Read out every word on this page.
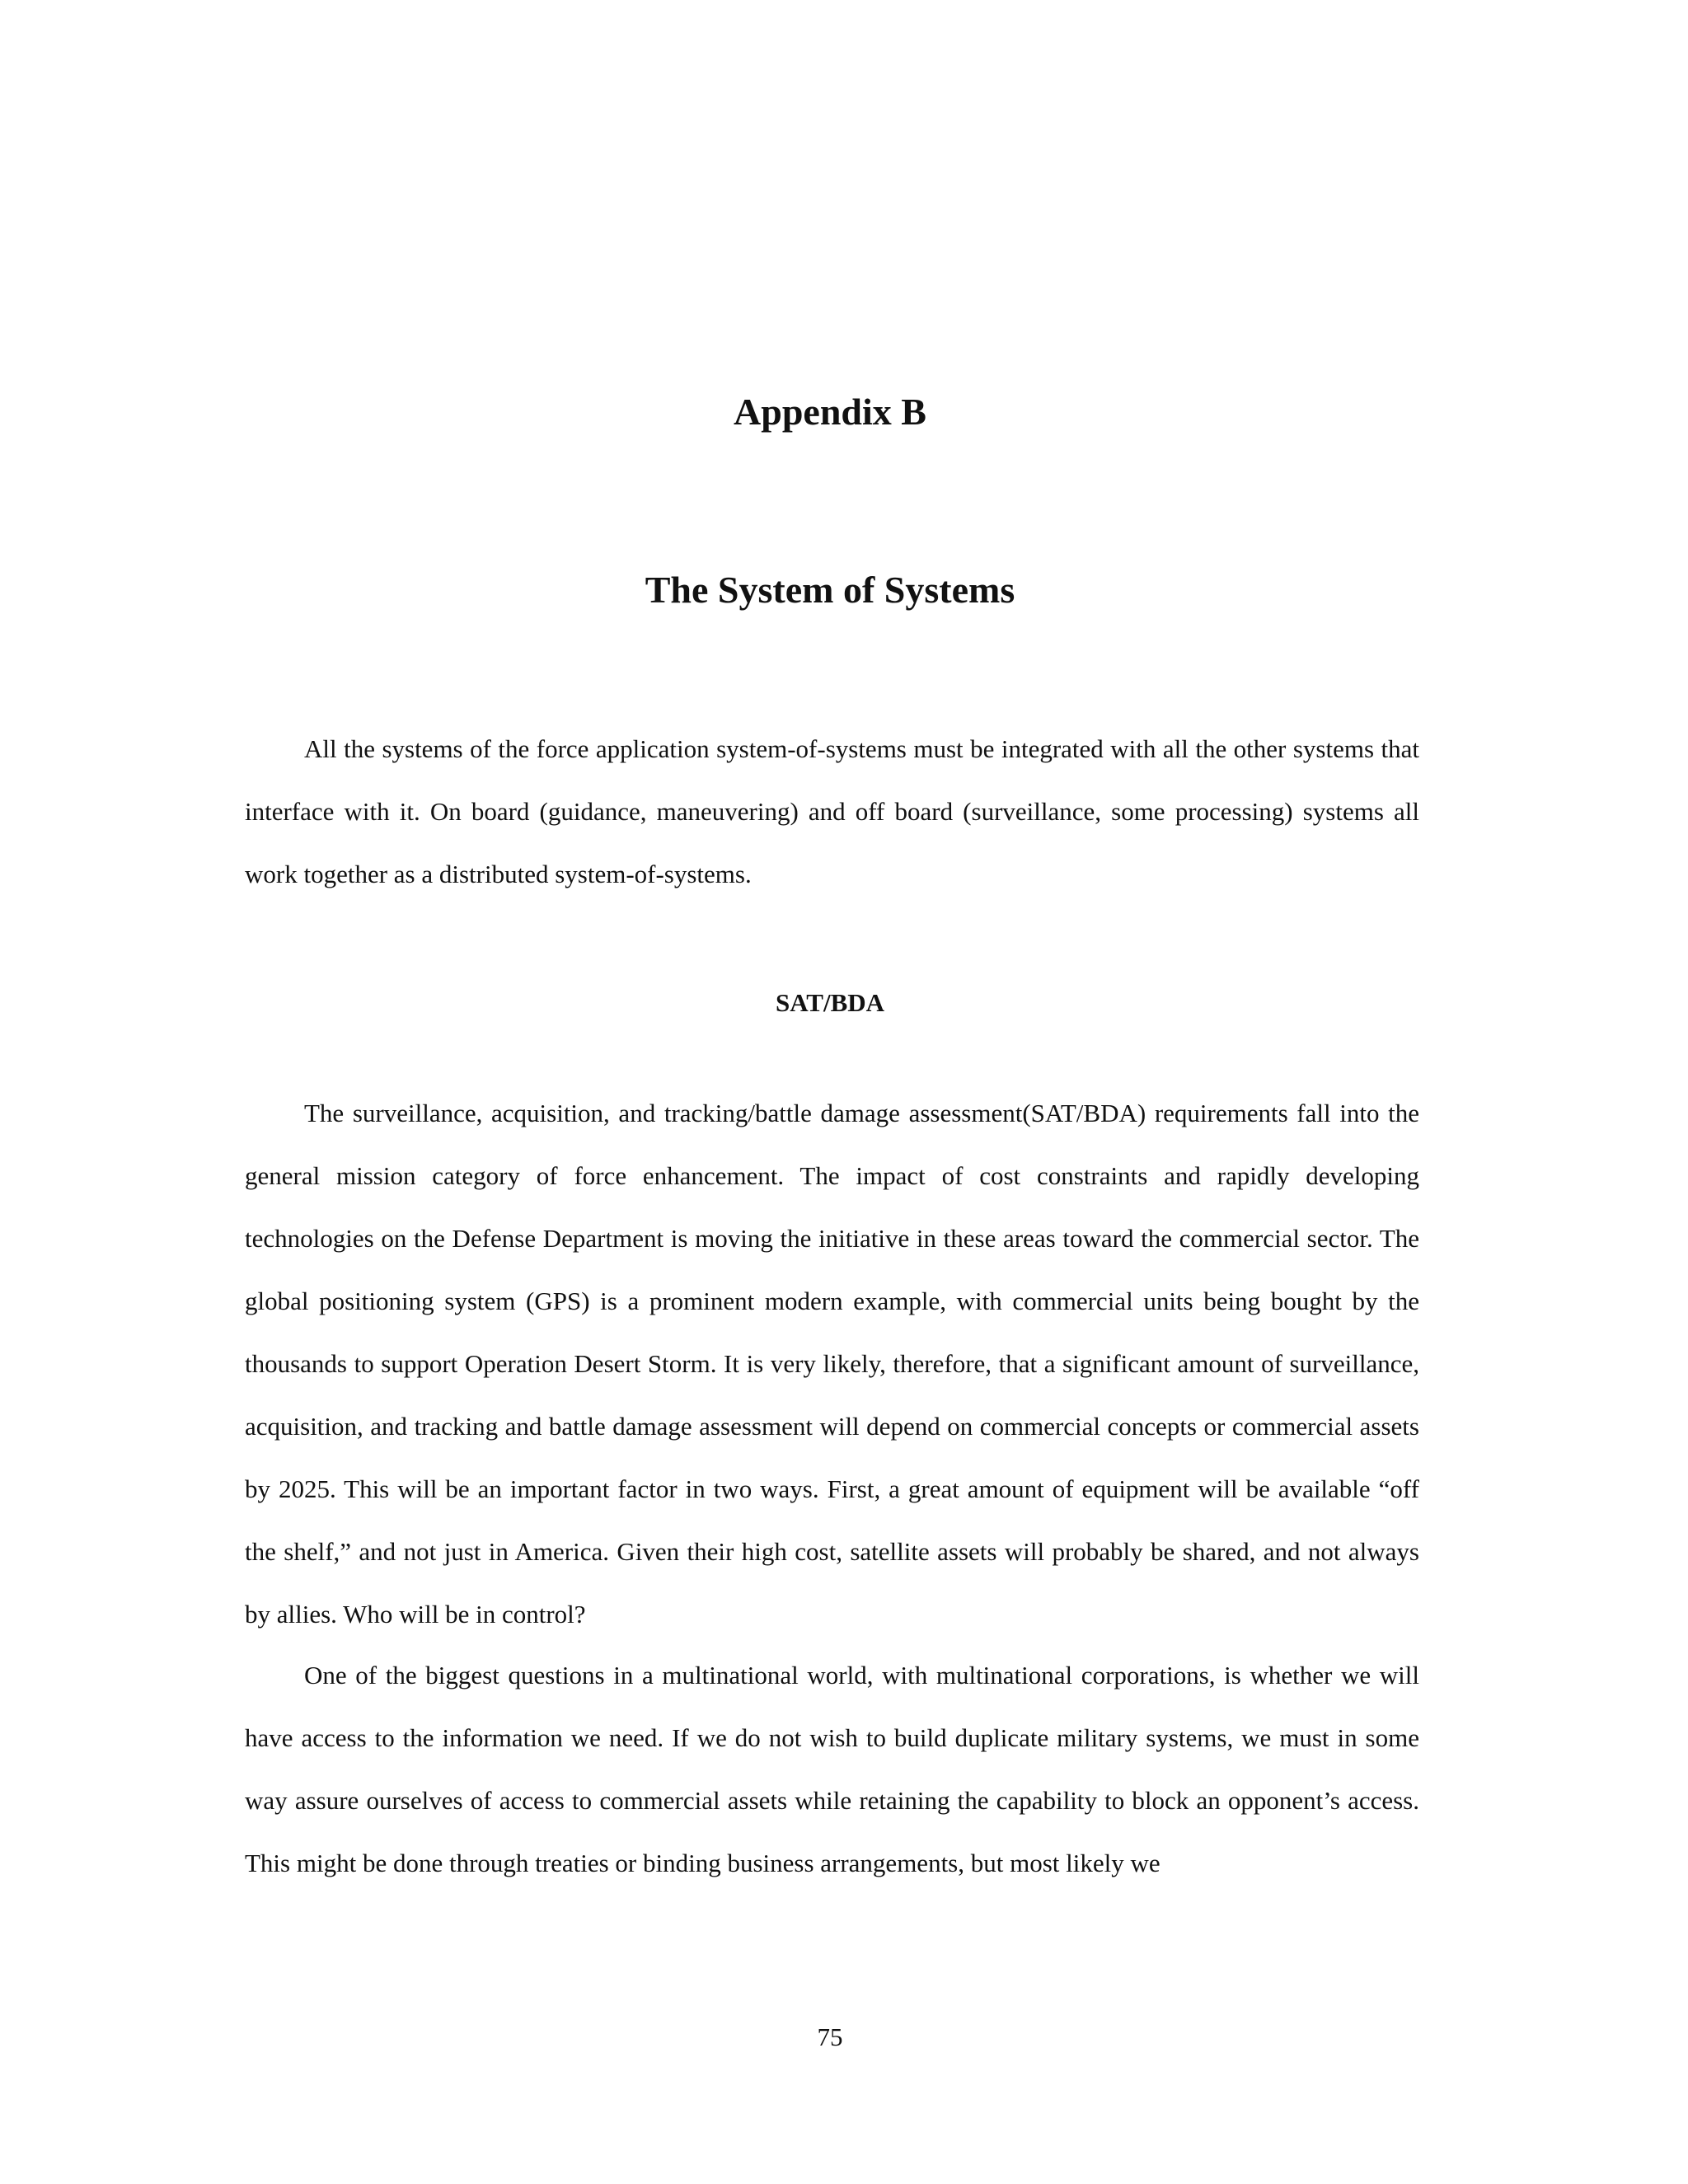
Appendix B
The System of Systems

All the systems of the force application system-of-systems must be integrated with all the other systems that interface with it. On board (guidance, maneuvering) and off board (surveillance, some processing) systems all work together as a distributed system-of-systems.

SAT/BDA

The surveillance, acquisition, and tracking/battle damage assessment(SAT/BDA) requirements fall into the general mission category of force enhancement. The impact of cost constraints and rapidly developing technologies on the Defense Department is moving the initiative in these areas toward the commercial sector. The global positioning system (GPS) is a prominent modern example, with commercial units being bought by the thousands to support Operation Desert Storm. It is very likely, therefore, that a significant amount of surveillance, acquisition, and tracking and battle damage assessment will depend on commercial concepts or commercial assets by 2025. This will be an important factor in two ways. First, a great amount of equipment will be available “off the shelf,” and not just in America. Given their high cost, satellite assets will probably be shared, and not always by allies. Who will be in control?

One of the biggest questions in a multinational world, with multinational corporations, is whether we will have access to the information we need. If we do not wish to build duplicate military systems, we must in some way assure ourselves of access to commercial assets while retaining the capability to block an opponent’s access. This might be done through treaties or binding business arrangements, but most likely we

75
